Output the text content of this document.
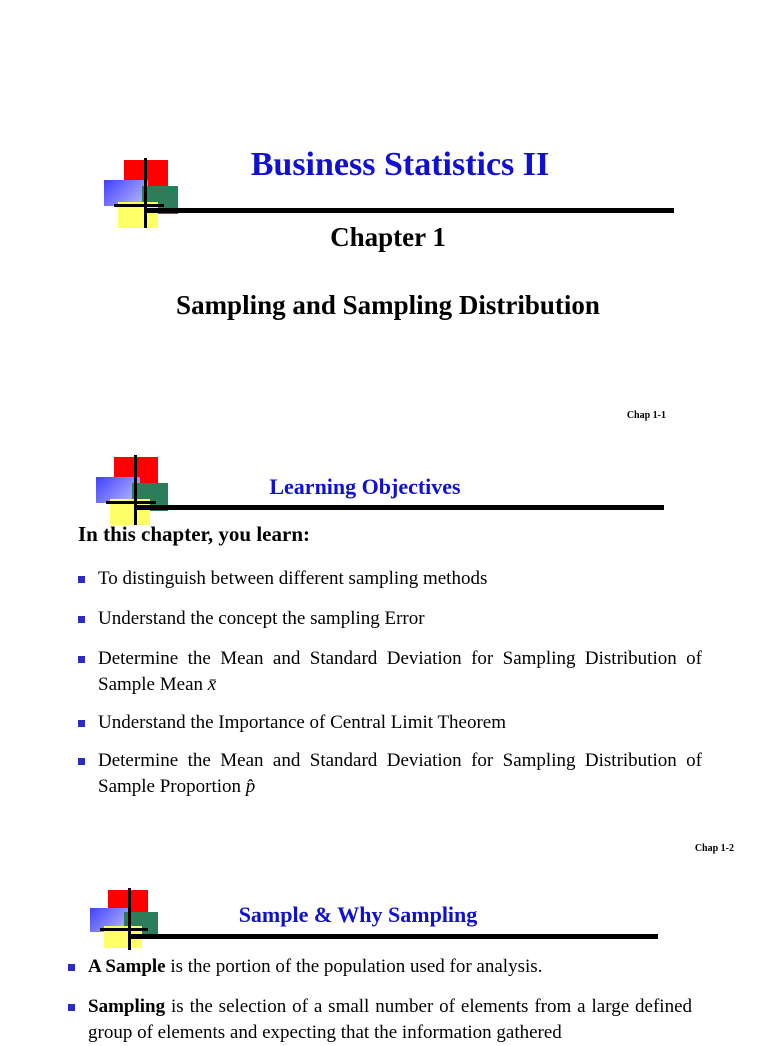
Business Statistics II
Chapter 1
Sampling and Sampling Distribution
Chap 1-1
Learning Objectives
In this chapter, you learn:
To distinguish between different sampling methods
Understand the concept the sampling Error
Determine the Mean and Standard Deviation for Sampling Distribution of Sample Mean x̄
Understand the Importance of Central Limit Theorem
Determine the Mean and Standard Deviation for Sampling Distribution of Sample Proportion p̂
Chap 1-2
Sample & Why Sampling
A Sample is the portion of the population used for analysis.
Sampling is the selection of a small number of elements from a large defined group of elements and expecting that the information gathered
